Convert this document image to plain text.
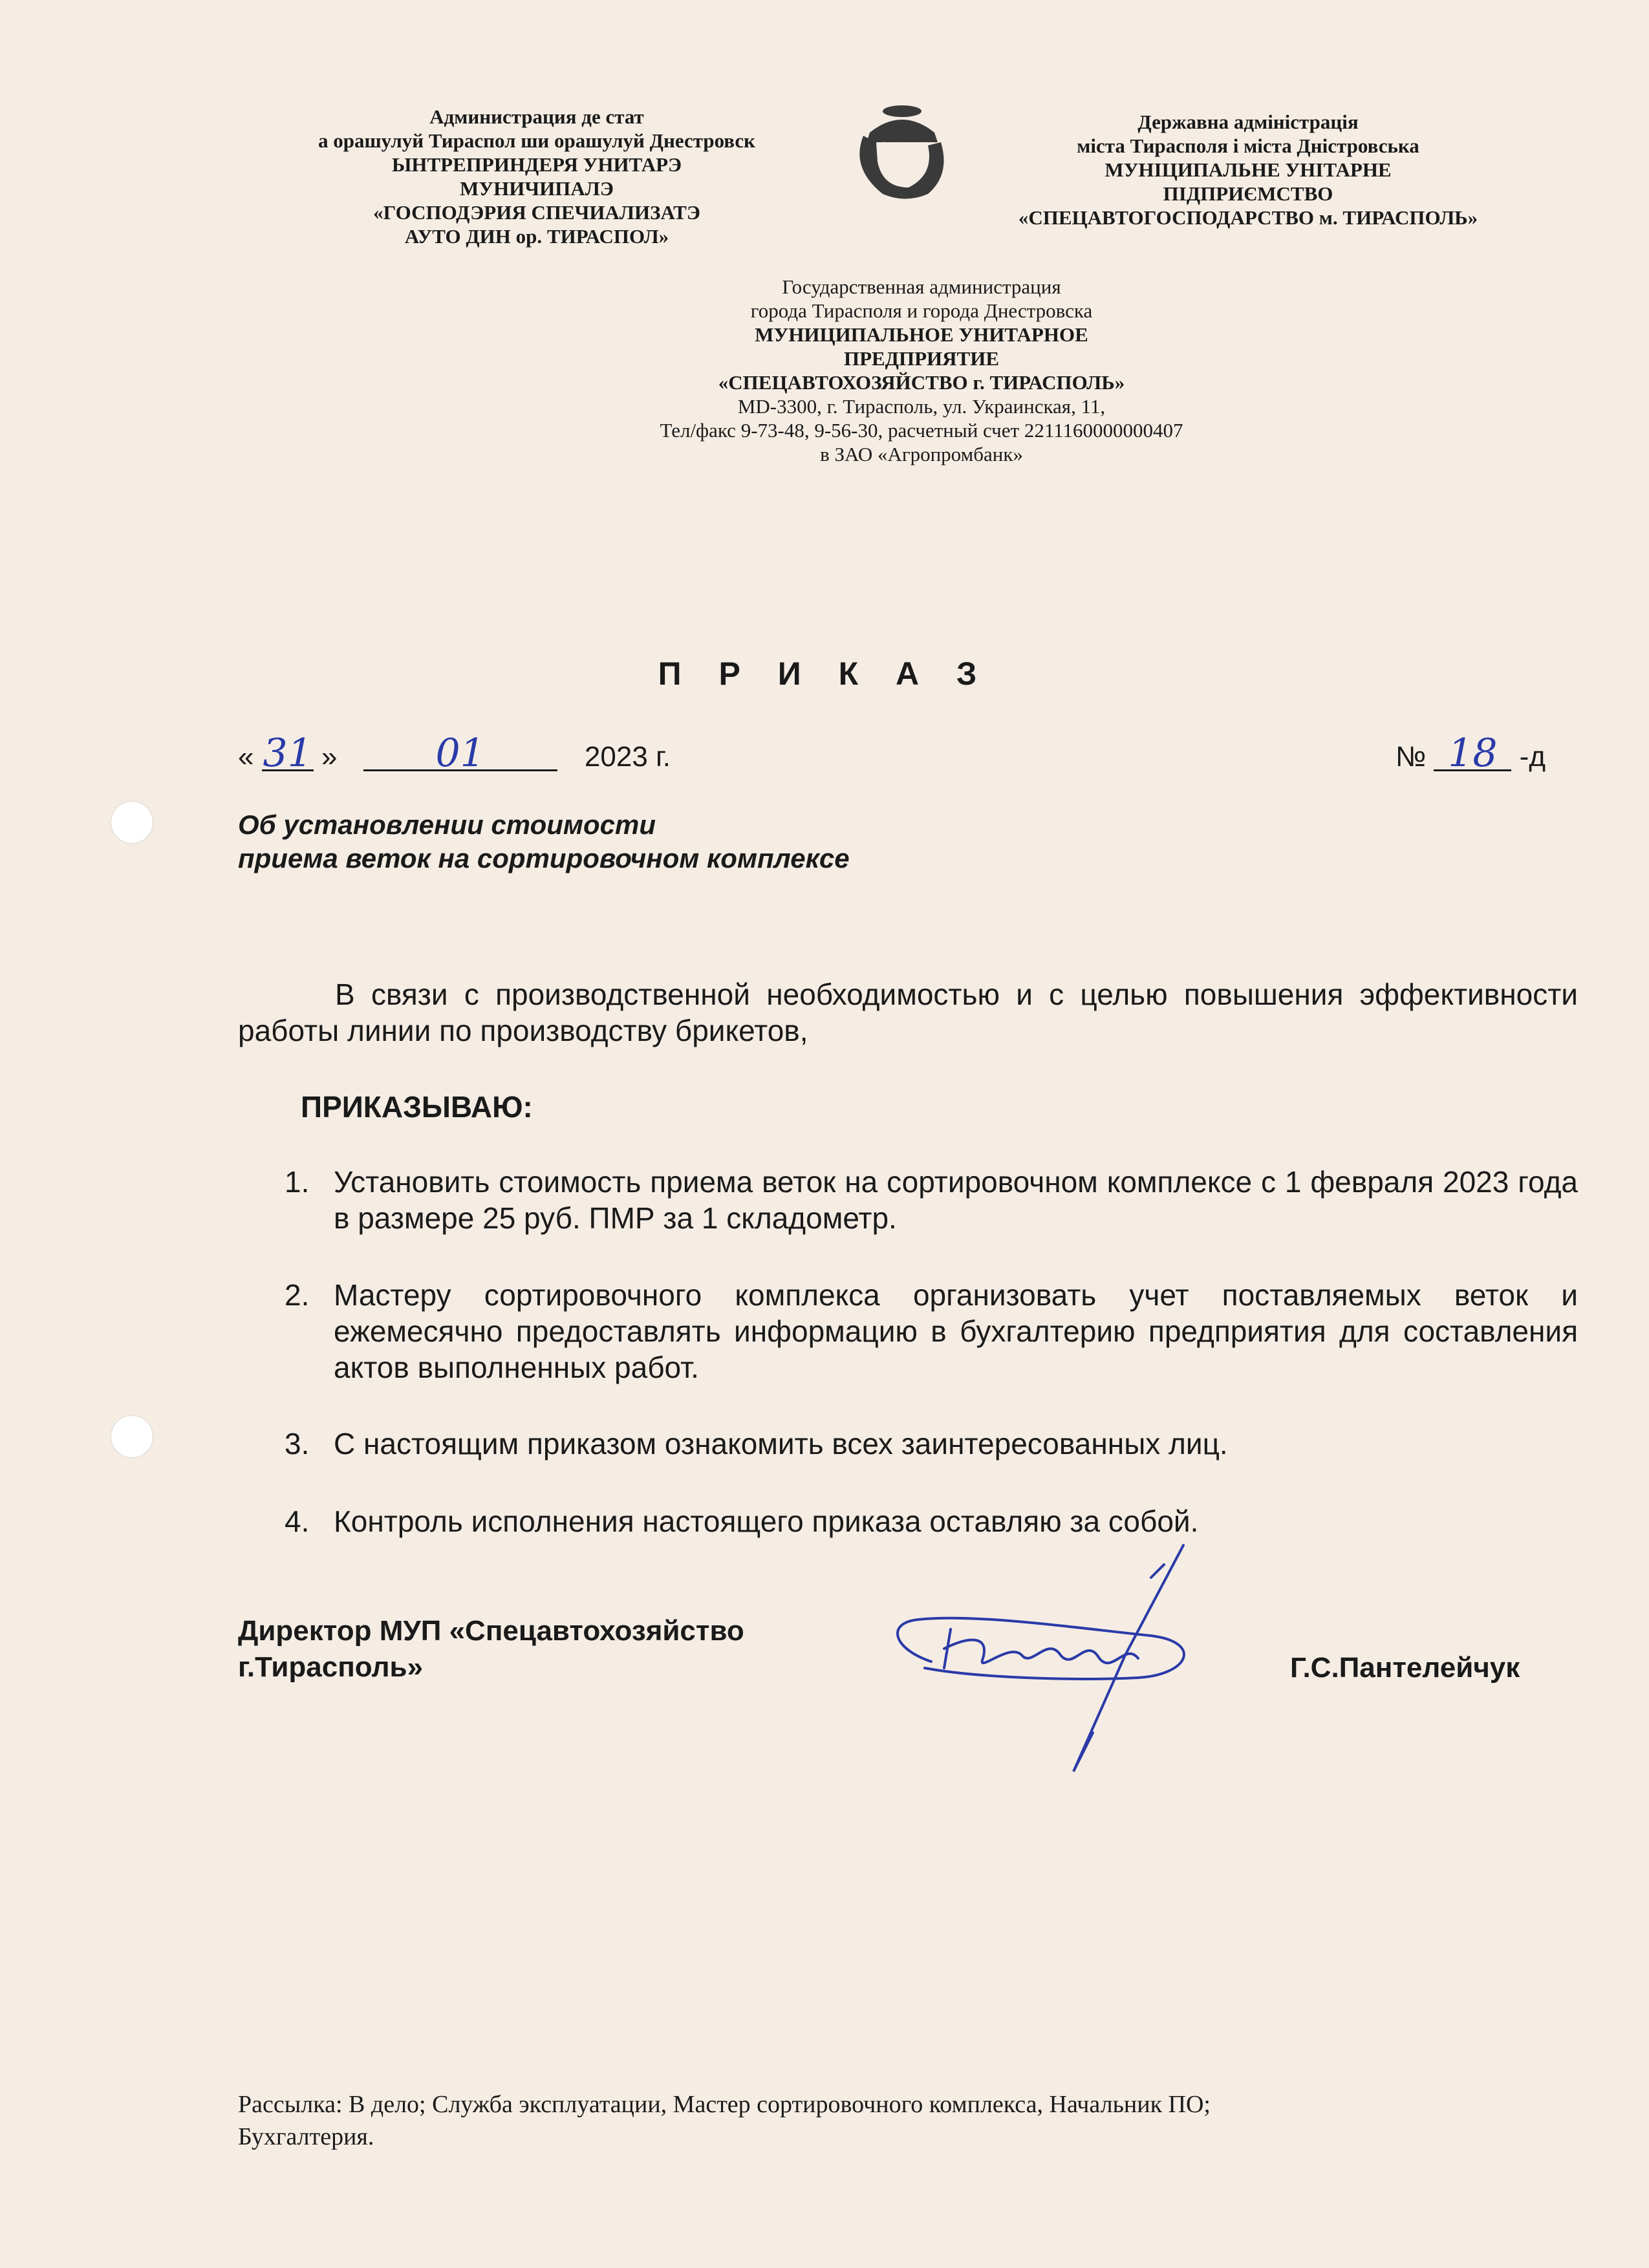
Администрация де стат
а орашулуй Тираспол ши орашулуй Днестровск
ЫНТРЕПРИНДЕРЯ УНИТАРЭ
МУНИЧИПАЛЭ
«ГОСПОДЭРИЯ СПЕЧИАЛИЗАТЭ
АУТО ДИН ор. ТИРАСПОЛ»
Державна адміністрація
міста Тирасполя і міста Дністровська
МУНІЦИПАЛЬНЕ УНІТАРНЕ
ПІДПРИЄМСТВО
«СПЕЦАВТОГОСПОДАРСТВО м. ТИРАСПОЛЬ»
Государственная администрация
города Тирасполя и города Днестровска
МУНИЦИПАЛЬНОЕ УНИТАРНОЕ
ПРЕДПРИЯТИЕ
«СПЕЦАВТОХОЗЯЙСТВО г. ТИРАСПОЛЬ»
MD-3300, г. Тирасполь, ул. Украинская, 11,
Тел/факс 9-73-48, 9-56-30, расчетный счет 2211160000000407
в ЗАО «Агропромбанк»
П Р И К А З
« 31 »	01	2023 г.	№ 18 -д
Об установлении стоимости
приема веток на сортировочном комплексе
В связи с производственной необходимостью и с целью повышения эффективности работы линии по производству брикетов,
ПРИКАЗЫВАЮ:
1. Установить стоимость приема веток на сортировочном комплексе с 1 февраля 2023 года в размере 25 руб. ПМР за 1 складометр.
2. Мастеру сортировочного комплекса организовать учет поставляемых веток и ежемесячно предоставлять информацию в бухгалтерию предприятия для составления актов выполненных работ.
3. С настоящим приказом ознакомить всех заинтересованных лиц.
4. Контроль исполнения настоящего приказа оставляю за собой.
Директор МУП «Спецавтохозяйство
г.Тирасполь»	Г.С.Пантелейчук
Рассылка: В дело; Служба эксплуатации, Мастер сортировочного комплекса, Начальник ПО;
Бухгалтерия.
